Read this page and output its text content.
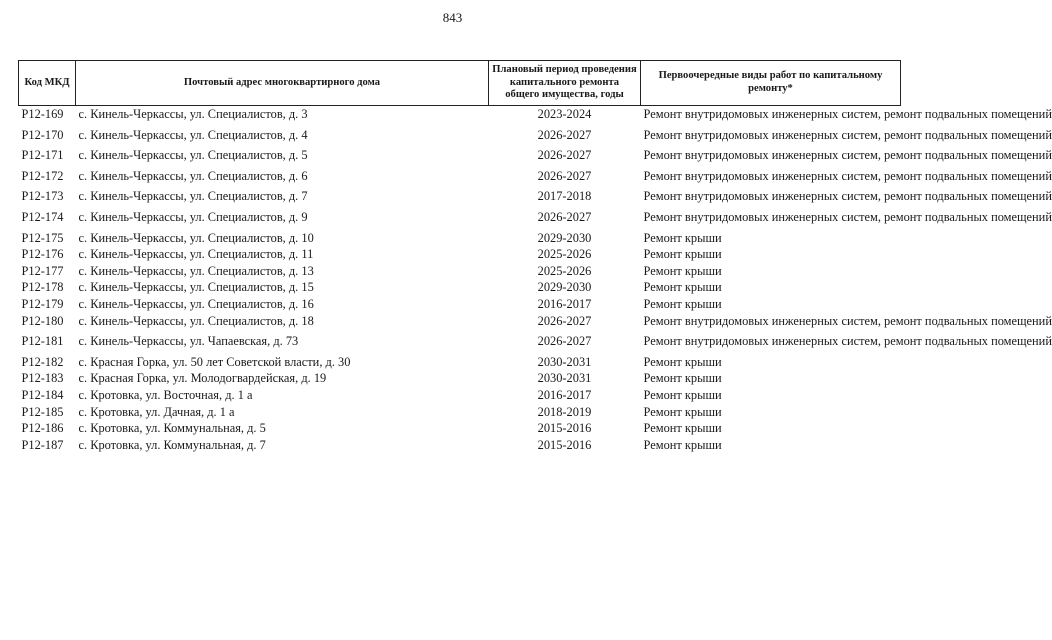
843
Код МКД	Почтовый адрес многоквартирного дома	Плановый период проведения капитального ремонта общего имущества, годы	Первоочередные виды работ по капитальному ремонту*
Р12-169	с. Кинель-Черкассы, ул. Специалистов, д. 3	2023-2024	Ремонт внутридомовых инженерных систем, ремонт подвальных помещений
Р12-170	с. Кинель-Черкассы, ул. Специалистов, д. 4	2026-2027	Ремонт внутридомовых инженерных систем, ремонт подвальных помещений
Р12-171	с. Кинель-Черкассы, ул. Специалистов, д. 5	2026-2027	Ремонт внутридомовых инженерных систем, ремонт подвальных помещений
Р12-172	с. Кинель-Черкассы, ул. Специалистов, д. 6	2026-2027	Ремонт внутридомовых инженерных систем, ремонт подвальных помещений
Р12-173	с. Кинель-Черкассы, ул. Специалистов, д. 7	2017-2018	Ремонт внутридомовых инженерных систем, ремонт подвальных помещений
Р12-174	с. Кинель-Черкассы, ул. Специалистов, д. 9	2026-2027	Ремонт внутридомовых инженерных систем, ремонт подвальных помещений
Р12-175	с. Кинель-Черкассы, ул. Специалистов, д. 10	2029-2030	Ремонт крыши
Р12-176	с. Кинель-Черкассы, ул. Специалистов, д. 11	2025-2026	Ремонт крыши
Р12-177	с. Кинель-Черкассы, ул. Специалистов, д. 13	2025-2026	Ремонт крыши
Р12-178	с. Кинель-Черкассы, ул. Специалистов, д. 15	2029-2030	Ремонт крыши
Р12-179	с. Кинель-Черкассы, ул. Специалистов, д. 16	2016-2017	Ремонт крыши
Р12-180	с. Кинель-Черкассы, ул. Специалистов, д. 18	2026-2027	Ремонт внутридомовых инженерных систем, ремонт подвальных помещений
Р12-181	с. Кинель-Черкассы, ул. Чапаевская, д. 73	2026-2027	Ремонт внутридомовых инженерных систем, ремонт подвальных помещений
Р12-182	с. Красная Горка, ул. 50 лет Советской власти, д. 30	2030-2031	Ремонт крыши
Р12-183	с. Красная Горка, ул. Молодогвардейская, д. 19	2030-2031	Ремонт крыши
Р12-184	с. Кротовка, ул. Восточная, д. 1 а	2016-2017	Ремонт крыши
Р12-185	с. Кротовка, ул. Дачная, д. 1 а	2018-2019	Ремонт крыши
Р12-186	с. Кротовка, ул. Коммунальная, д. 5	2015-2016	Ремонт крыши
Р12-187	с. Кротовка, ул. Коммунальная, д. 7	2015-2016	Ремонт крыши
